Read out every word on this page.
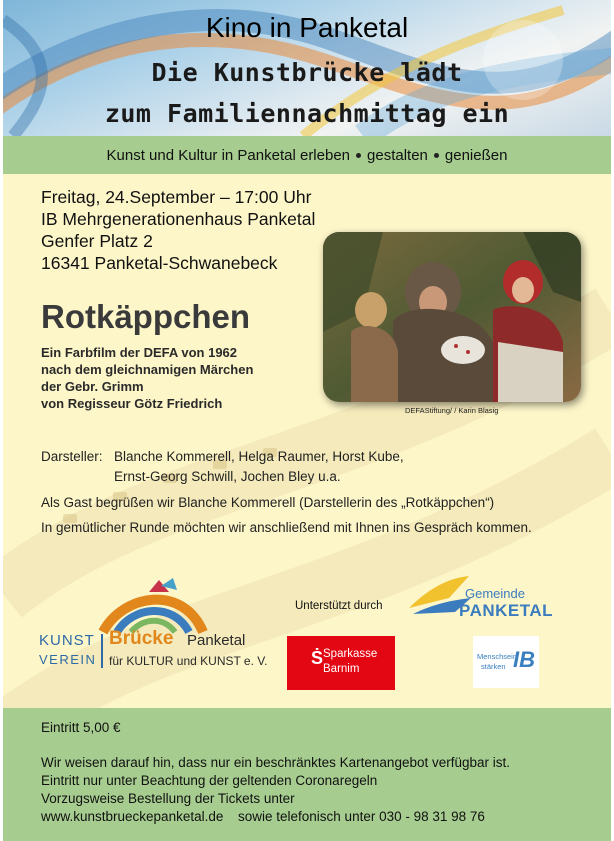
Kino in Panketal
Die Kunstbrücke lädt
zum Familiennachmittag ein
Kunst und Kultur in Panketal erleben gestalten genießen
Freitag, 24.September – 17:00 Uhr
IB Mehrgenerationenhaus Panketal
Genfer Platz 2
16341 Panketal-Schwanebeck
Rotkäppchen
Ein Farbfilm der DEFA von 1962
nach dem gleichnamigen Märchen
der Gebr. Grimm
von Regisseur Götz Friedrich	DEFAStiftung/ / Karin Blasig
Darsteller: Blanche Kommerell, Helga Raumer, Horst Kube,
Ernst-Georg Schwill, Jochen Bley u.a.
Als Gast begrüßen wir Blanche Kommerell (Darstellerin des „Rotkäppchen“)
In gemütlicher Runde möchten wir anschließend mit Ihnen ins Gespräch kommen.
KUNST
VEREIN
Brücke Panketal
für KULTUR und KUNST e. V.
Unterstützt durch
Gemeinde
PANKETAL
Ṡ Sparkasse
Barnim
Menschsein
stärken IB
Eintritt 5,00 €
Wir weisen darauf hin, dass nur ein beschränktes Kartenangebot verfügbar ist.
Eintritt nur unter Beachtung der geltenden Coronaregeln
Vorzugsweise Bestellung der Tickets unter
www.kunstbrueckepanketal.de sowie telefonisch unter 030 - 98 31 98 76
